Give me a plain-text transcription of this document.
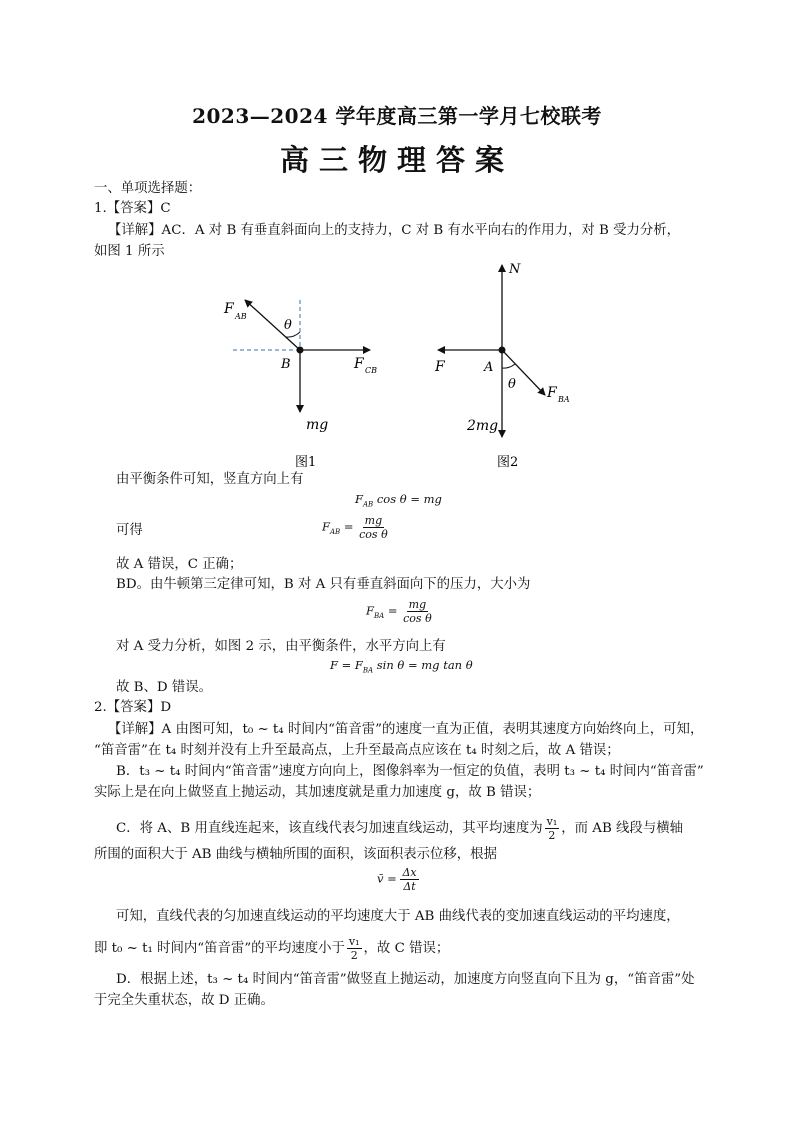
2023—2024 学年度高三第一学月七校联考
高三物理答案
一、单项选择题：
1.【答案】C
【详解】AC．A 对 B 有垂直斜面向上的支持力，C 对 B 有水平向右的作用力，对 B 受力分析，
如图 1 所示
F AB
θ
B	F CB
mg
图1
N
F	A
θ
F BA
2mg
图2
由平衡条件可知，竖直方向上有
$F_{AB}$ cos θ = mg
可得	$F_{AB} = \frac{mg}{\text{cos θ}}$
故 A 错误，C 正确；
BD。由牛顿第三定律可知，B 对 A 只有垂直斜面向下的压力，大小为
$F_{BA} = \frac{mg}{\text{cos θ}}$
对 A 受力分析，如图 2 示，由平衡条件，水平方向上有
$F = F_{BA}$ sin θ = mg tan θ
故 B、D 错误。
2.【答案】D
【详解】A 由图可知，t₀ ~ t₄ 时间内“笛音雷”的速度一直为正值，表明其速度方向始终向上，可知，
“笛音雷”在 t₄ 时刻并没有上升至最高点，上升至最高点应该在 t₄ 时刻之后，故 A 错误；
B．t₃ ~ t₄ 时间内“笛音雷”速度方向向上，图像斜率为一恒定的负值，表明 t₃ ~ t₄ 时间内“笛音雷”
实际上是在向上做竖直上抛运动，其加速度就是重力加速度 g，故 B 错误；
C．将 A、B 用直线连起来，该直线代表匀加速直线运动，其平均速度为 $\frac{\text{v₁}}{2}$ ，而 AB 线段与横轴
所围的面积大于 AB 曲线与横轴所围的面积，该面积表示位移，根据
v̄ = $\frac{\Delta x}{\Delta t}$
可知，直线代表的匀加速直线运动的平均速度大于 AB 曲线代表的变加速直线运动的平均速度，
即 t₀ ~ t₁ 时间内“笛音雷”的平均速度小于 $\frac{\text{v₁}}{2}$ ，故 C 错误；
D．根据上述，t₃ ~ t₄ 时间内“笛音雷”做竖直上抛运动，加速度方向竖直向下且为 g，“笛音雷”处
于完全失重状态，故 D 正确。
